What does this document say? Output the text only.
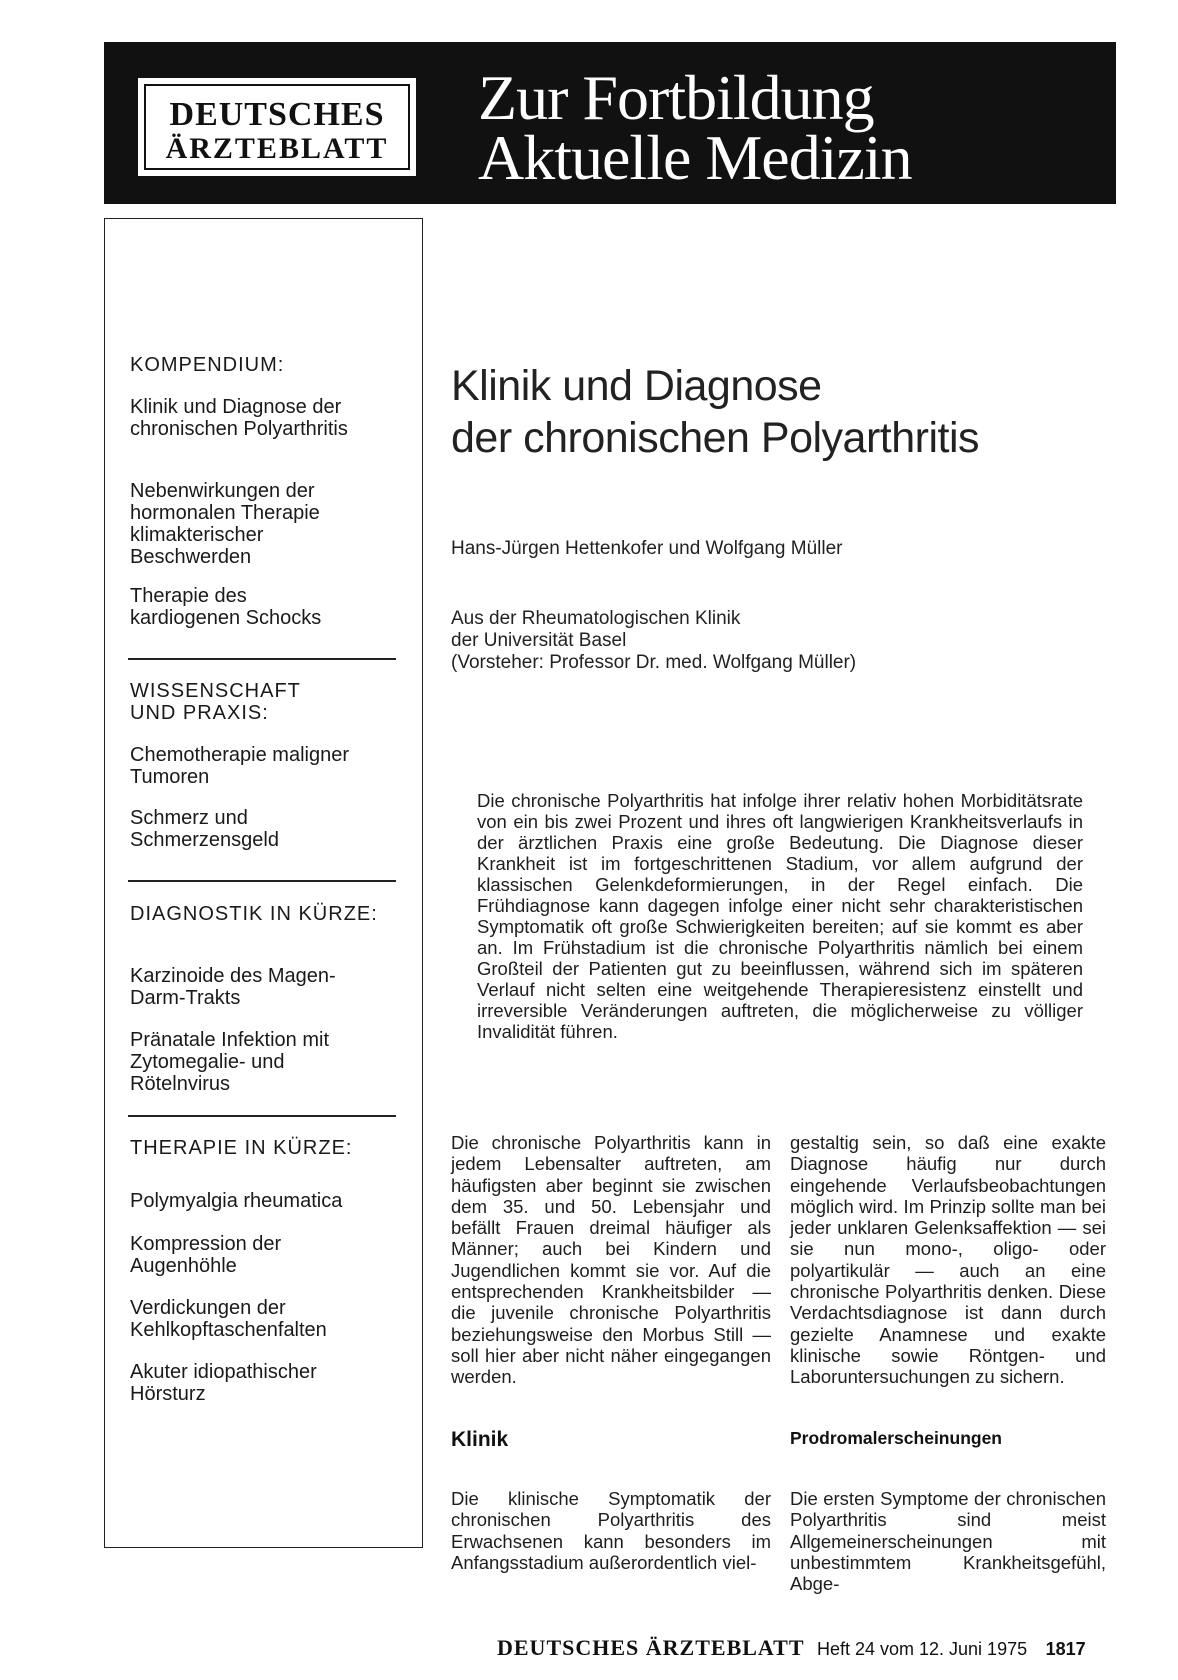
DEUTSCHES
ÄRZTEBLATT
Zur Fortbildung
Aktuelle Medizin
KOMPENDIUM:
Klinik und Diagnose der chronischen Polyarthritis
Nebenwirkungen der hormonalen Therapie klimakterischer Beschwerden
Therapie des kardiogenen Schocks
WISSENSCHAFT UND PRAXIS:
Chemotherapie maligner Tumoren
Schmerz und Schmerzensgeld
DIAGNOSTIK IN KÜRZE:
Karzinoide des Magen-Darm-Trakts
Pränatale Infektion mit Zytomegalie- und Rötelnvirus
THERAPIE IN KÜRZE:
Polymyalgia rheumatica
Kompression der Augenhöhle
Verdickungen der Kehlkopftaschenfalten
Akuter idiopathischer Hörsturz
Klinik und Diagnose
der chronischen Polyarthritis
Hans-Jürgen Hettenkofer und Wolfgang Müller
Aus der Rheumatologischen Klinik
der Universität Basel
(Vorsteher: Professor Dr. med. Wolfgang Müller)
Die chronische Polyarthritis hat infolge ihrer relativ hohen Morbiditätsrate von ein bis zwei Prozent und ihres oft langwierigen Krankheitsverlaufs in der ärztlichen Praxis eine große Bedeutung. Die Diagnose dieser Krankheit ist im fortgeschrittenen Stadium, vor allem aufgrund der klassischen Gelenkdeformierungen, in der Regel einfach. Die Frühdiagnose kann dagegen infolge einer nicht sehr charakteristischen Symptomatik oft große Schwierigkeiten bereiten; auf sie kommt es aber an. Im Frühstadium ist die chronische Polyarthritis nämlich bei einem Großteil der Patienten gut zu beeinflussen, während sich im späteren Verlauf nicht selten eine weitgehende Therapieresistenz einstellt und irreversible Veränderungen auftreten, die möglicherweise zu völliger Invalidität führen.
Die chronische Polyarthritis kann in jedem Lebensalter auftreten, am häufigsten aber beginnt sie zwischen dem 35. und 50. Lebensjahr und befällt Frauen dreimal häufiger als Männer; auch bei Kindern und Jugendlichen kommt sie vor. Auf die entsprechenden Krankheitsbilder — die juvenile chronische Polyarthritis beziehungsweise den Morbus Still — soll hier aber nicht näher eingegangen werden.
gestaltig sein, so daß eine exakte Diagnose häufig nur durch eingehende Verlaufsbeobachtungen möglich wird. Im Prinzip sollte man bei jeder unklaren Gelenksaffektion — sei sie nun mono-, oligo- oder polyartikulär — auch an eine chronische Polyarthritis denken. Diese Verdachtsdiagnose ist dann durch gezielte Anamnese und exakte klinische sowie Röntgen- und Laboruntersuchungen zu sichern.
Klinik	Prodromalerscheinungen
Die klinische Symptomatik der chronischen Polyarthritis des Erwachsenen kann besonders im Anfangsstadium außerordentlich viel-
Die ersten Symptome der chronischen Polyarthritis sind meist Allgemeinerscheinungen mit unbestimmtem Krankheitsgefühl, Abge-
DEUTSCHES ÄRZTEBLATT Heft 24 vom 12. Juni 1975 1817
